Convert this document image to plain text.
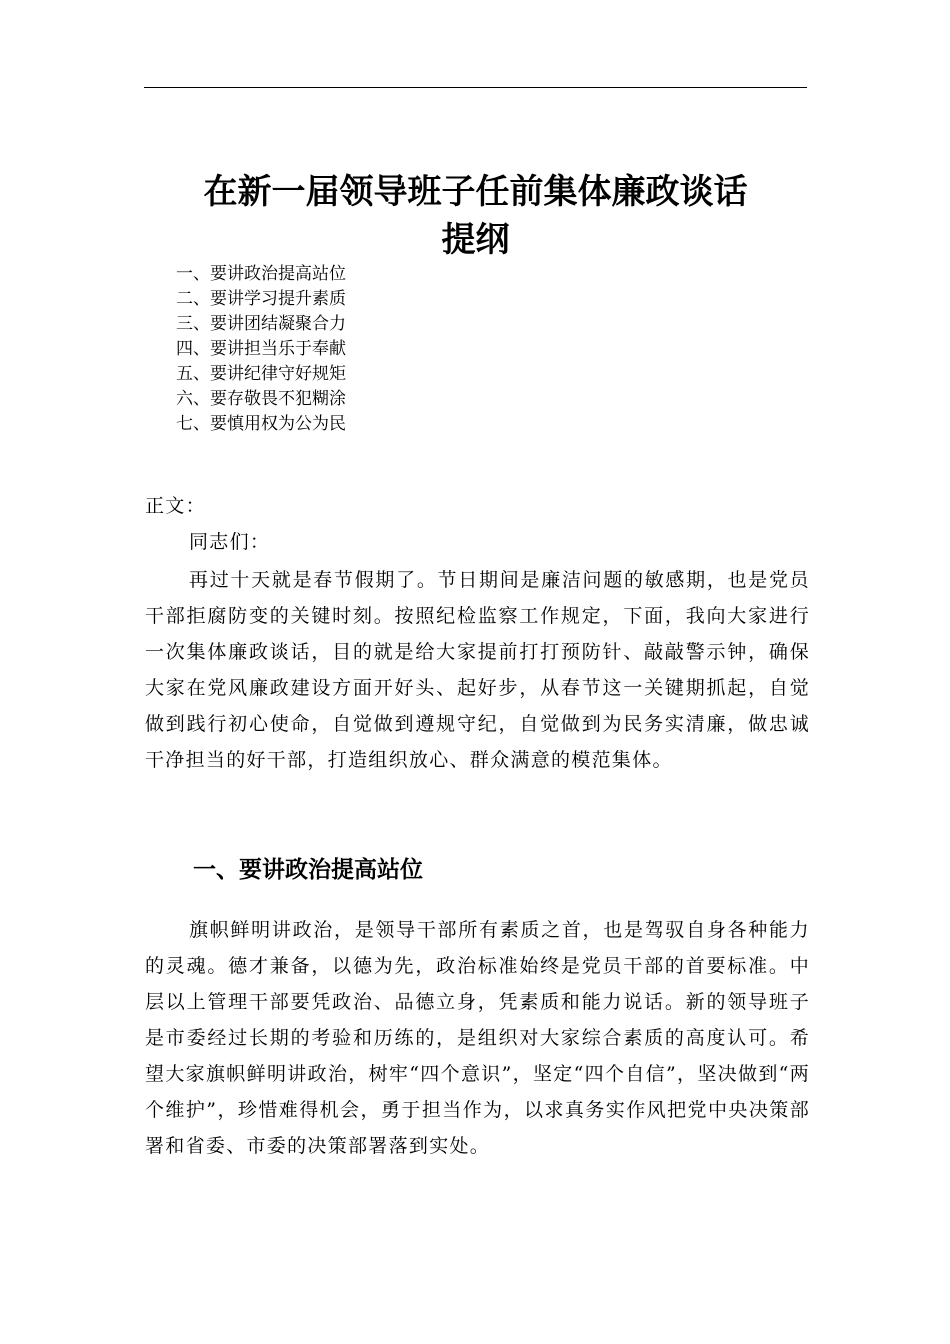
在新一届领导班子任前集体廉政谈话
提纲
一、要讲政治提高站位
二、要讲学习提升素质
三、要讲团结凝聚合力
四、要讲担当乐于奉献
五、要讲纪律守好规矩
六、要存敬畏不犯糊涂
七、要慎用权为公为民

正文：

同志们：

再过十天就是春节假期了。节日期间是廉洁问题的敏感期，也是党员干部拒腐防变的关键时刻。按照纪检监察工作规定，下面，我向大家进行一次集体廉政谈话，目的就是给大家提前打打预防针、敲敲警示钟，确保大家在党风廉政建设方面开好头、起好步，从春节这一关键期抓起，自觉做到践行初心使命，自觉做到遵规守纪，自觉做到为民务实清廉，做忠诚干净担当的好干部，打造组织放心、群众满意的模范集体。

一、要讲政治提高站位

旗帜鲜明讲政治，是领导干部所有素质之首，也是驾驭自身各种能力的灵魂。德才兼备，以德为先，政治标准始终是党员干部的首要标准。中层以上管理干部要凭政治、品德立身，凭素质和能力说话。新的领导班子是市委经过长期的考验和历练的，是组织对大家综合素质的高度认可。希望大家旗帜鲜明讲政治，树牢“四个意识”，坚定“四个自信”，坚决做到“两个维护”，珍惜难得机会，勇于担当作为，以求真务实作风把党中央决策部署和省委、市委的决策部署落到实处。
